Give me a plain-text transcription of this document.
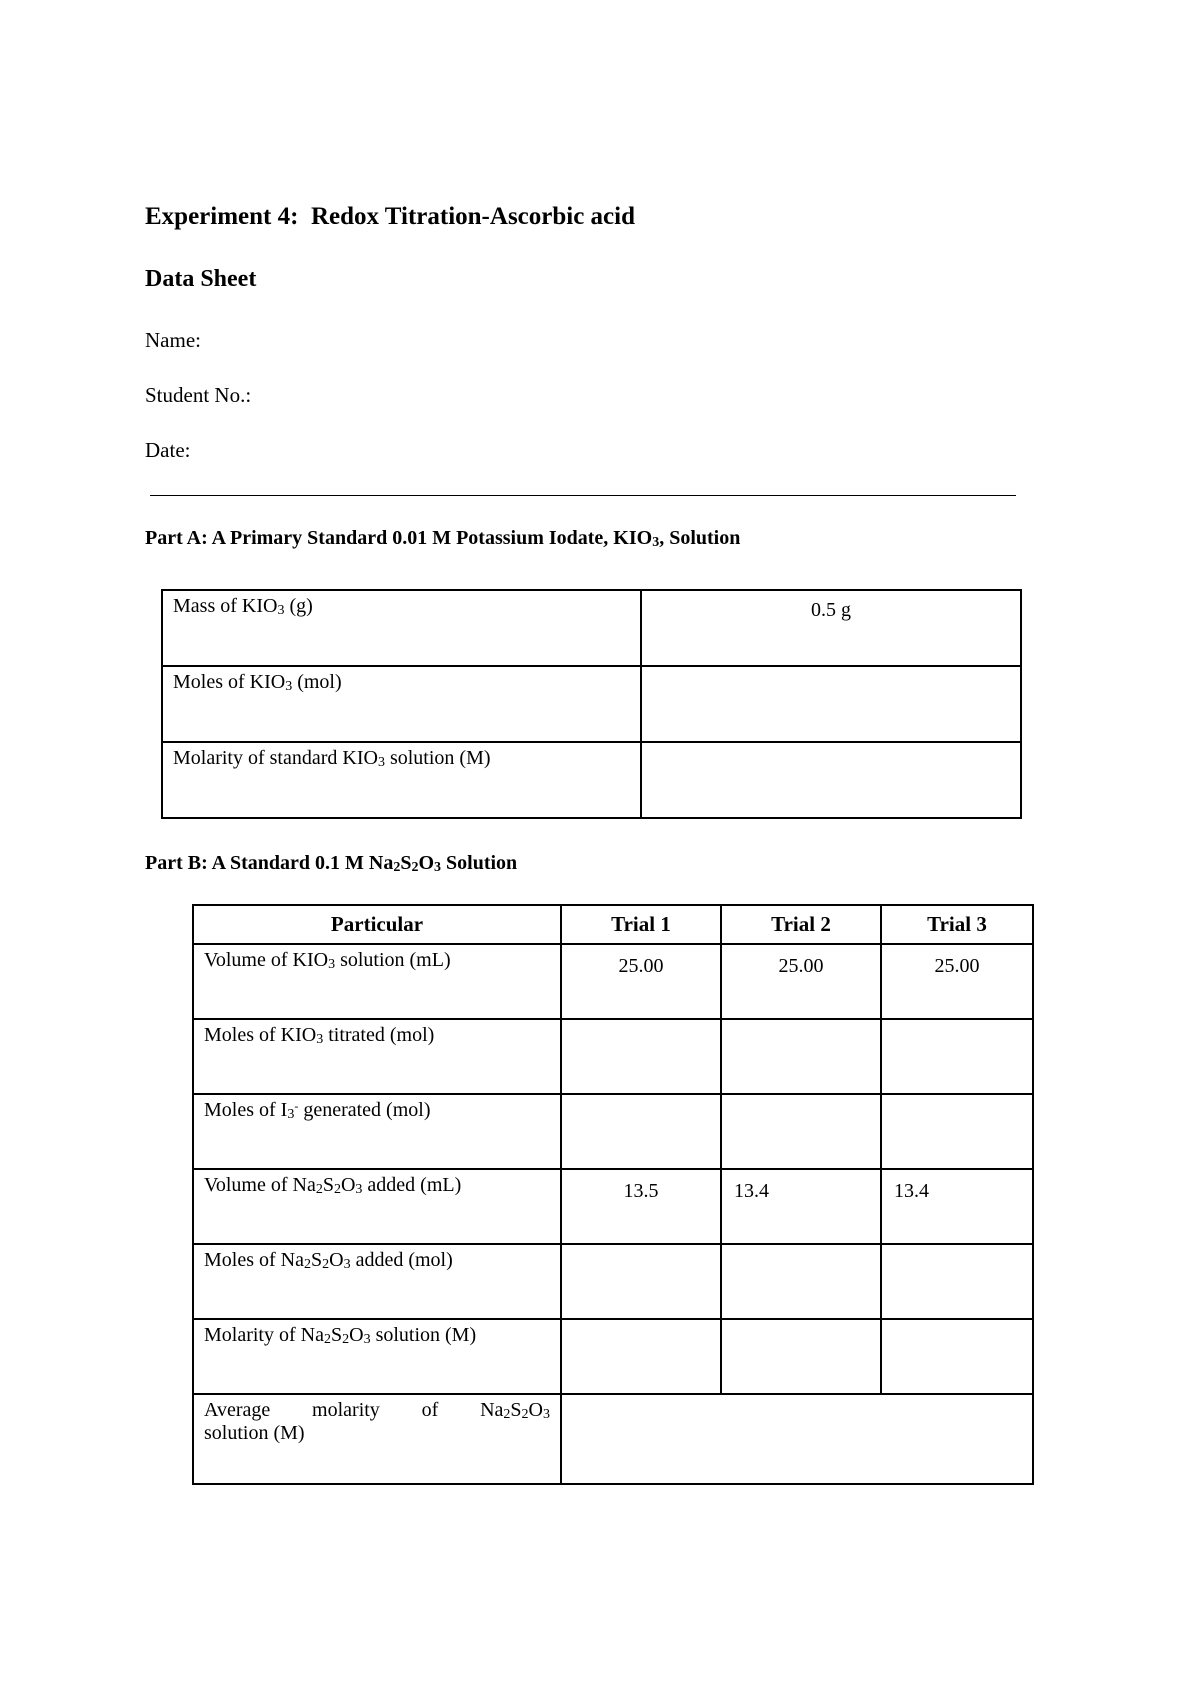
Experiment 4:  Redox Titration-Ascorbic acid
Data Sheet
Name:
Student No.:
Date:
Part A: A Primary Standard 0.01 M Potassium Iodate, $KIO_3$, Solution
Mass of $KIO_3$ (g)	0.5 g
Moles of $KIO_3$ (mol)	
Molarity of standard $KIO_3$ solution (M)	
Part B: A Standard 0.1 M $Na_2S_2O_3$ Solution
Particular	Trial 1	Trial 2	Trial 3
Volume of $KIO_3$ solution (mL)	25.00	25.00	25.00
Moles of $KIO_3$ titrated (mol)			
Moles of $I_3^-$ generated (mol)			
Volume of $Na_2S_2O_3$ added (mL)	13.5	13.4	13.4
Moles of $Na_2S_2O_3$ added (mol)			
Molarity of $Na_2S_2O_3$ solution (M)			

Average molarity of $Na_2S_2O_3$
solution (M)			
